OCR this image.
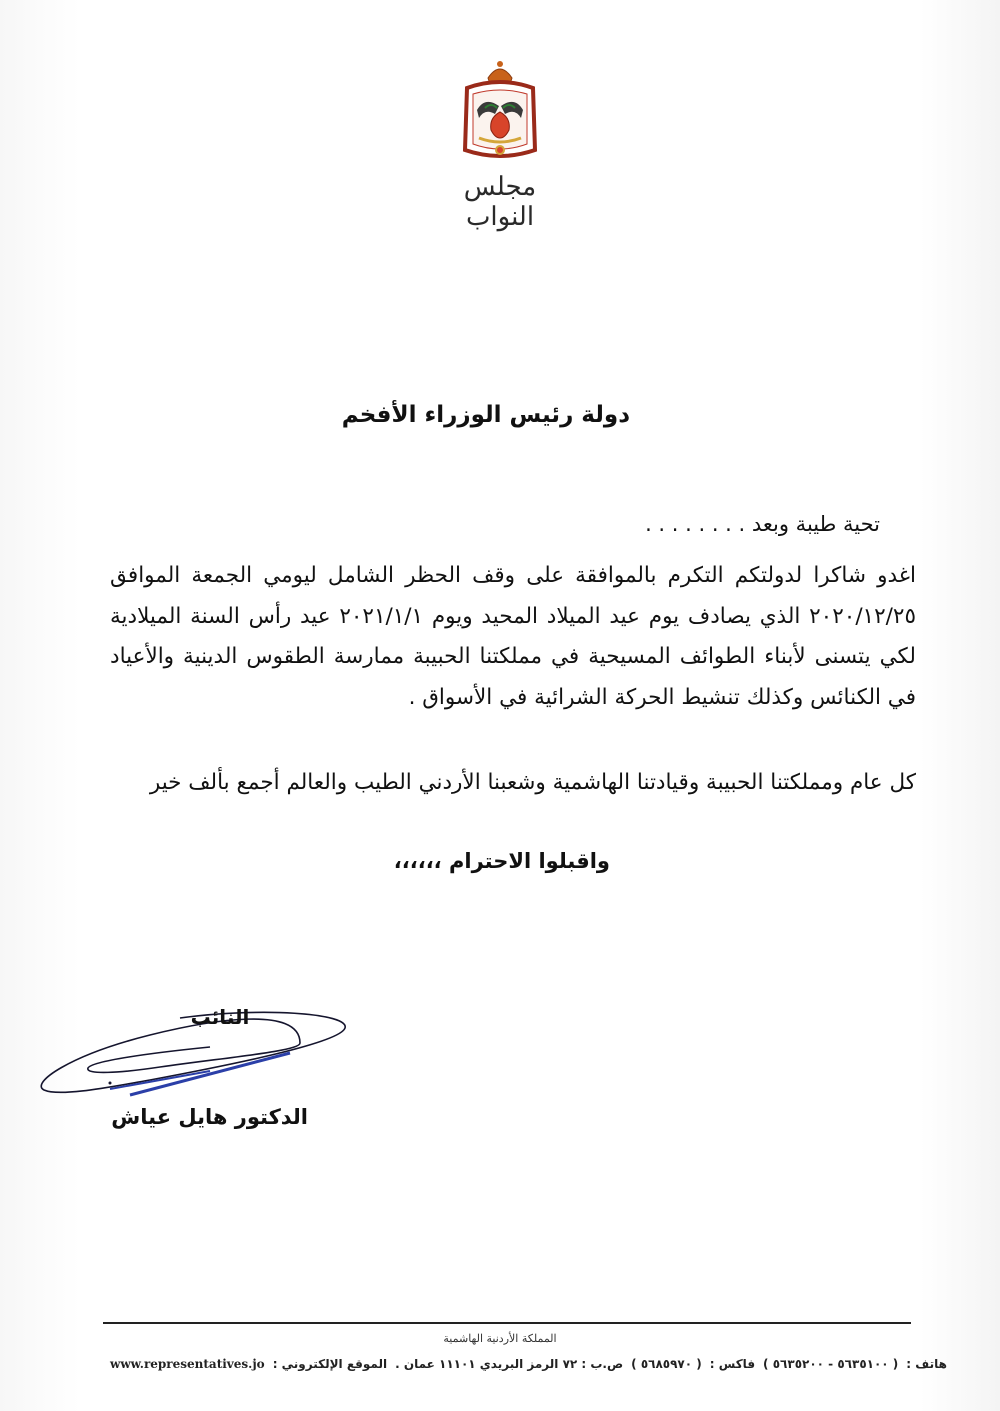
مجلس النواب
دولة رئيس الوزراء الأفخم
تحية طيبة وبعد . . . . . . . .
اغدو شاكرا لدولتكم التكرم بالموافقة على وقف الحظر الشامل ليومي الجمعة الموافق ٢٠٢٠/١٢/٢٥ الذي يصادف يوم عيد الميلاد المحيد ويوم ٢٠٢١/١/١ عيد رأس السنة الميلادية لكي يتسنى لأبناء الطوائف المسيحية في مملكتنا الحبيبة ممارسة الطقوس الدينية والأعياد في الكنائس وكذلك تنشيط الحركة الشرائية في الأسواق .
كل عام ومملكتنا الحبيبة وقيادتنا الهاشمية وشعبنا الأردني الطيب والعالم أجمع بألف خير
واقبلوا الاحترام ،،،،،،
النائب
الدكتور هايل عياش
المملكة الأردنية الهاشمية
www.representatives.jo الموقع الإلكتروني : ص.ب : ٧٢ الرمز البريدي ١١١٠١ عمان . ( ٥٦٨٥٩٧٠ ) فاكس : ( ٥٦٣٥١٠٠ - ٥٦٣٥٢٠٠ ) هاتف :
